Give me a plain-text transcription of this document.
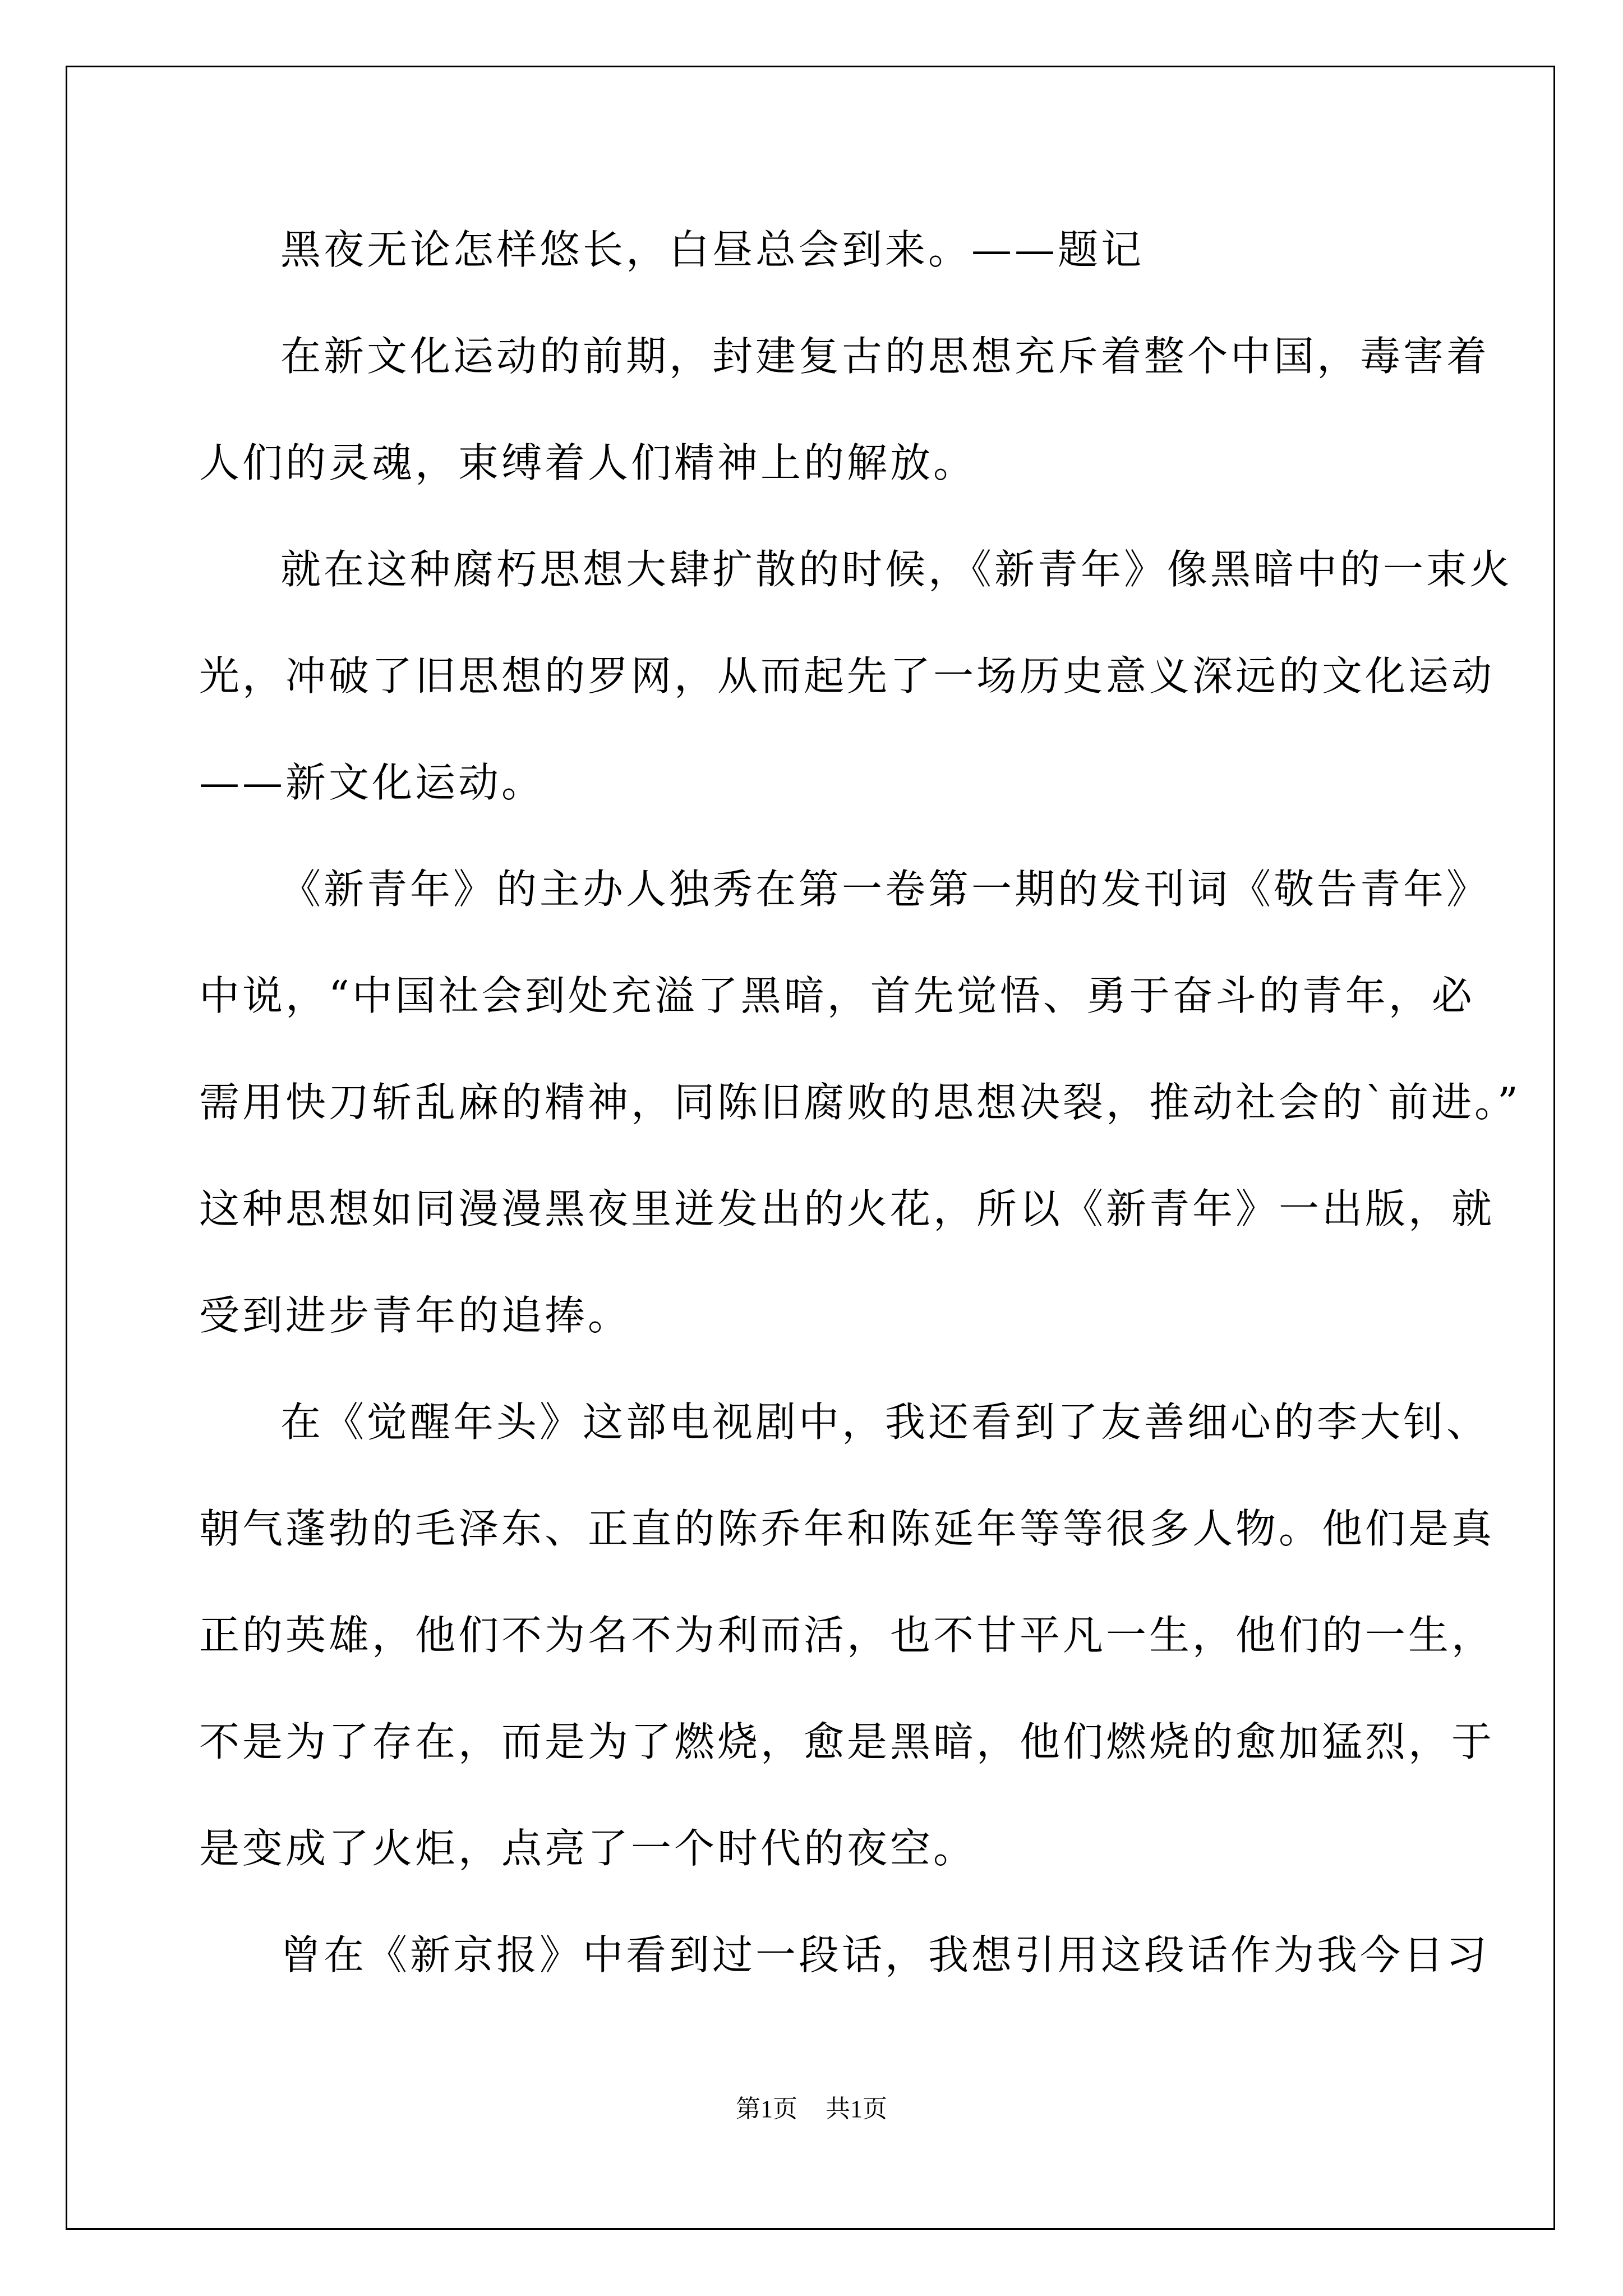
黑夜无论怎样悠长，白昼总会到来。——题记
在新文化运动的前期，封建复古的思想充斥着整个中国，毒害着
人们的灵魂，束缚着人们精神上的解放。
就在这种腐朽思想大肆扩散的时候，《新青年》像黑暗中的一束火
光，冲破了旧思想的罗网，从而起先了一场历史意义深远的文化运动
——新文化运动。
《新青年》的主办人独秀在第一卷第一期的发刊词《敬告青年》
中说，“中国社会到处充溢了黑暗，首先觉悟、勇于奋斗的青年，必
需用快刀斩乱麻的精神，同陈旧腐败的思想决裂，推动社会的`前进。”
这种思想如同漫漫黑夜里迸发出的火花，所以《新青年》一出版，就
受到进步青年的追捧。
在《觉醒年头》这部电视剧中，我还看到了友善细心的李大钊、
朝气蓬勃的毛泽东、正直的陈乔年和陈延年等等很多人物。他们是真
正的英雄，他们不为名不为利而活，也不甘平凡一生，他们的一生，
不是为了存在，而是为了燃烧，愈是黑暗，他们燃烧的愈加猛烈，于
是变成了火炬，点亮了一个时代的夜空。
曾在《新京报》中看到过一段话，我想引用这段话作为我今日习
第1页 共1页
